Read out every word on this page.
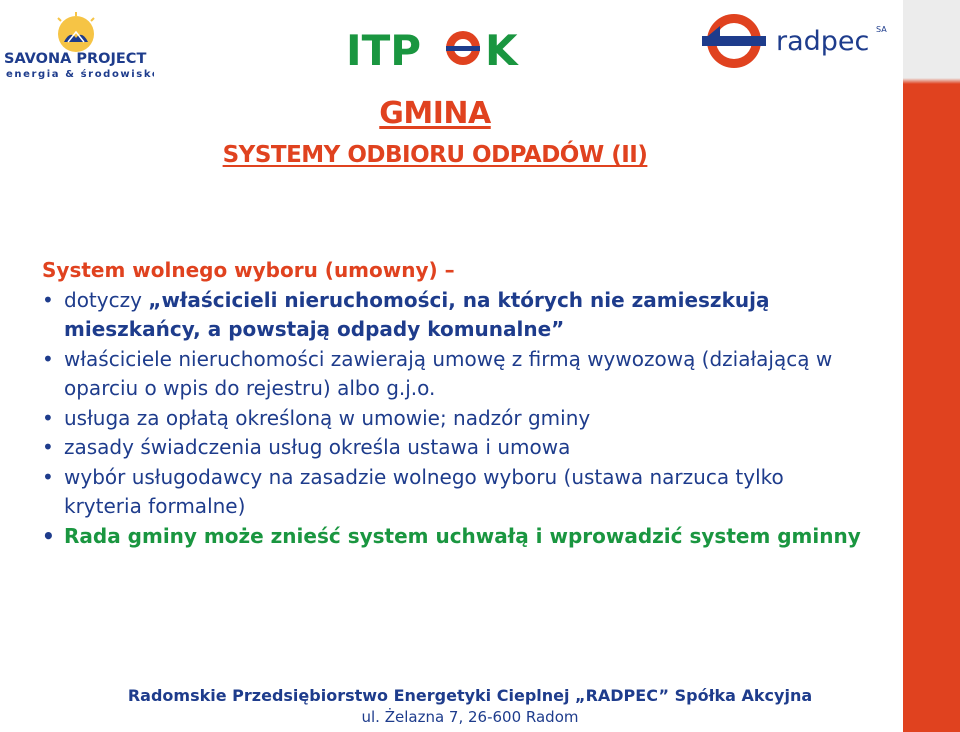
SAVONA PROJECT
energia & środowisko	ITP K	radpec SA
GMINA
SYSTEMY ODBIORU ODPADÓW (II)
System wolnego wyboru (umowny) –
• dotyczy „właścicieli nieruchomości, na których nie zamieszkują mieszkańcy, a powstają odpady komunalne”
• właściciele nieruchomości zawierają umowę z firmą wywozową (działającą w oparciu o wpis do rejestru) albo g.j.o.
• usługa za opłatą określoną w umowie; nadzór gminy
• zasady świadczenia usług określa ustawa i umowa
• wybór usługodawcy na zasadzie wolnego wyboru (ustawa narzuca tylko kryteria formalne)
• Rada gminy może znieść system uchwałą i wprowadzić system gminny
Radomskie Przedsiębiorstwo Energetyki Cieplnej „RADPEC” Spółka Akcyjna
ul. Żelazna 7, 26-600 Radom
